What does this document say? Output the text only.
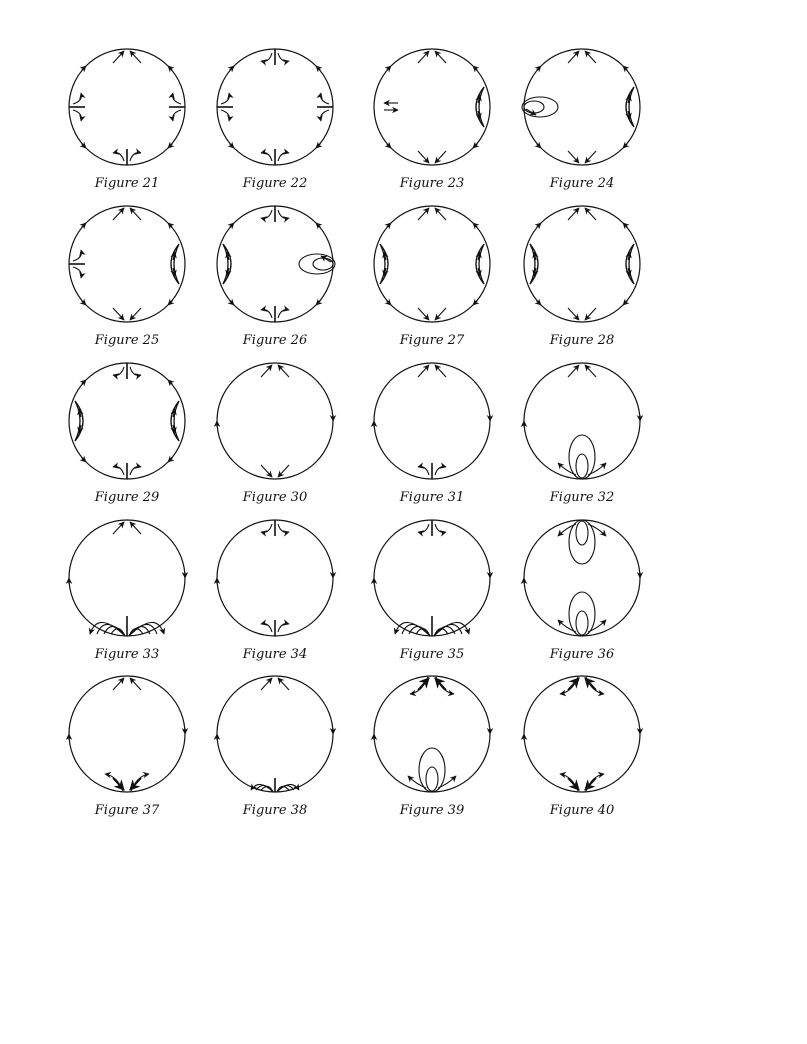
Figure 21	Figure 22	Figure 23	Figure 24
Figure 25	Figure 26	Figure 27	Figure 28
Figure 29	Figure 30	Figure 31	Figure 32
Figure 33	Figure 34	Figure 35	Figure 36
Figure 37	Figure 38	Figure 39	Figure 40
